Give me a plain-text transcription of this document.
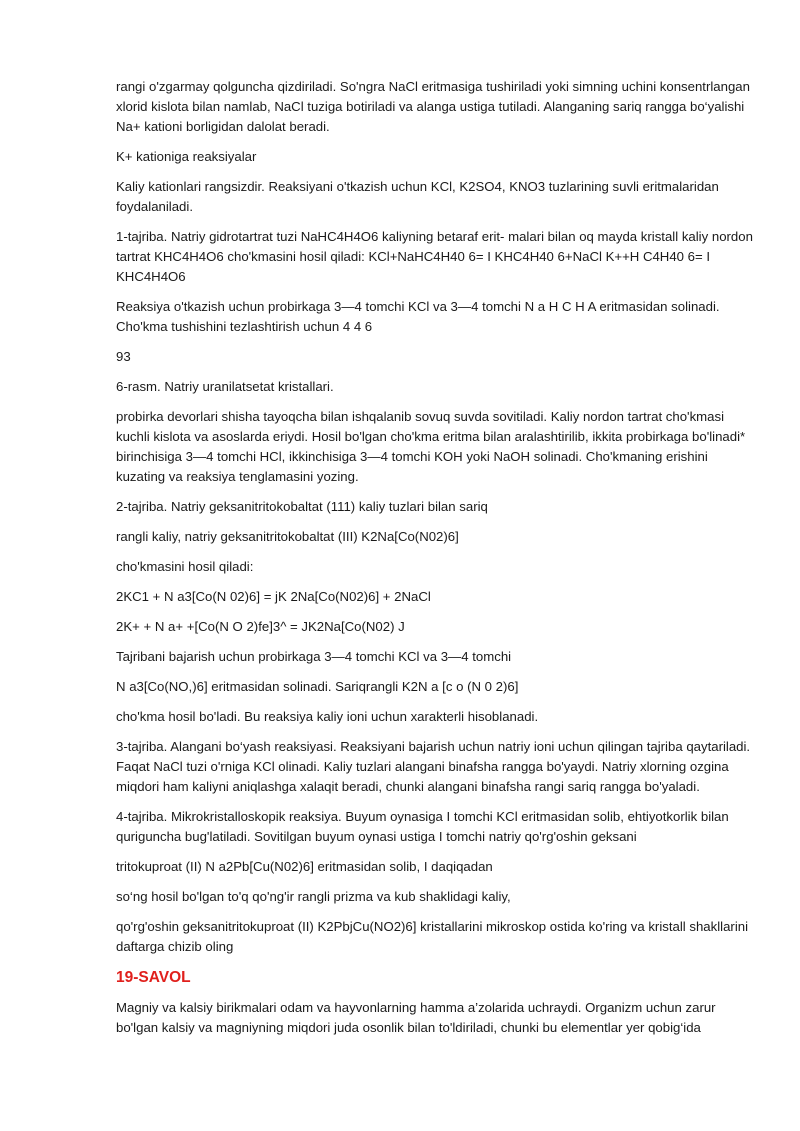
rangi o'zgarmay qolguncha qizdiriladi. So'ngra NaCl eritmasiga tushiriladi yoki simning uchini konsentrlangan xlorid kislota bilan namlab, NaCl tuziga botiriladi va alanga ustiga tutiladi. Alanganing sariq rangga bo‘yalishi Na+ kationi borligidan dalolat beradi.

K+ kationiga reaksiyalar

Kaliy kationlari rangsizdir. Reaksiyani o'tkazish uchun KCl, K2SO4, KNO3 tuzlarining suvli eritmalaridan foydalaniladi.

1-tajriba. Natriy gidrotartrat tuzi NaHC4H4O6 kaliyning betaraf erit- malari bilan oq mayda kristall kaliy nordon tartrat KHC4H4O6 cho'kmasini hosil qiladi: KCl+NaHC4H40 6= I KHC4H40 6+NaCl K++H C4H40 6= I KHC4H4O6

Reaksiya o'tkazish uchun probirkaga 3—4 tomchi KCl va 3—4 tomchi N a H C H A eritmasidan solinadi. Cho'kma tushishini tezlashtirish uchun 4 4 6

93

6-rasm. Natriy uranilatsetat kristallari.

probirka devorlari shisha tayoqcha bilan ishqalanib sovuq suvda sovitiladi. Kaliy nordon tartrat cho'kmasi kuchli kislota va asoslarda eriydi. Hosil bo'lgan cho'kma eritma bilan aralashtirilib, ikkita probirkaga bo'linadi* birinchisiga 3—4 tomchi HCl, ikkinchisiga 3—4 tomchi KOH yoki NaOH solinadi. Cho'kmaning erishini kuzating va reaksiya tenglamasini yozing.

2-tajriba. Natriy geksanitritokobaltat (111) kaliy tuzlari bilan sariq

rangli kaliy, natriy geksanitritokobaltat (III) K2Na[Co(N02)6]

cho'kmasini hosil qiladi:

2KC1 + N a3[Co(N 02)6] = jK 2Na[Co(N02)6] + 2NaCl

2K+ + N a+ +[Co(N O 2)fe]3^ = JK2Na[Co(N02) J

Tajribani bajarish uchun probirkaga 3—4 tomchi KCl va 3—4 tomchi

N a3[Co(NO,)6] eritmasidan solinadi. Sariqrangli K2N a [c o (N 0 2)6]

cho'kma hosil bo'ladi. Bu reaksiya kaliy ioni uchun xarakterli hisoblanadi.

3-tajriba. Alangani bo‘yash reaksiyasi. Reaksiyani bajarish uchun natriy ioni uchun qilingan tajriba qaytariladi. Faqat NaCl tuzi o'rniga KCl olinadi. Kaliy tuzlari alangani binafsha rangga bo'yaydi. Natriy xlorning ozgina miqdori ham kaliyni aniqlashga xalaqit beradi, chunki alangani binafsha rangi sariq rangga bo'yaladi.

4-tajriba. Mikrokristalloskopik reaksiya. Buyum oynasiga I tomchi KCl eritmasidan solib, ehtiyotkorlik bilan quriguncha bug'latiladi. Sovitilgan buyum oynasi ustiga I tomchi natriy qo'rg'oshin geksani

tritokuproat (II) N a2Pb[Cu(N02)6] eritmasidan solib, I daqiqadan

so‘ng hosil bo'lgan to'q qo'ng'ir rangli prizma va kub shaklidagi kaliy,

qo'rg'oshin geksanitritokuproat (II) K2PbjCu(NO2)6] kristallarini mikroskop ostida ko'ring va kristall shakllarini daftarga chizib oling

19-SAVOL

Magniy va kalsiy birikmalari odam va hayvonlarning hamma a’zolarida uchraydi. Organizm uchun zarur bo'lgan kalsiy va magniyning miqdori juda osonlik bilan to'ldiriladi, chunki bu elementlar yer qobig‘ida
